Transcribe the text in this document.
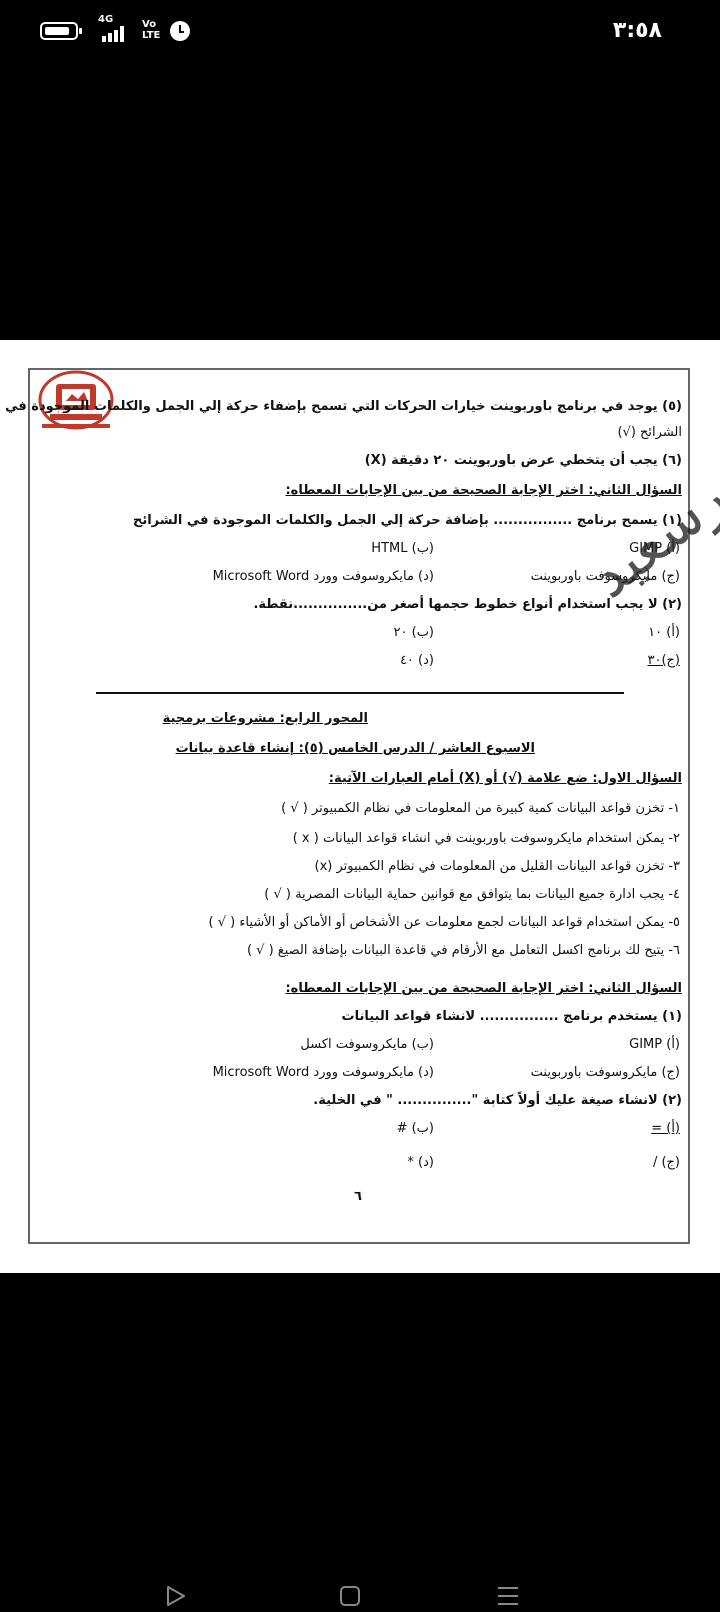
4G	Vo LTE	٣:٥٨
(٥) يوجد في برنامج باوربوينت خيارات الحركات التي تسمح بإضفاء حركة إلي الجمل والكلمات الموجودة في
الشرائح (√)
(٦) يجب أن يتخطي عرض باوربوينت ٢٠ دقيقة (X)
السؤال الثاني: اختر الإجابة الصحيحة من بين الإجابات المعطاه:
(١) يسمح برنامج ................ بإضافة حركة إلي الجمل والكلمات الموجودة في الشرائح
(أ) GIMP
(ب) HTML
(ج) مايكروسوفت باوربوينت
(د) مايكروسوفت وورد Microsoft Word
(٢) لا يجب استخدام أنواع خطوط حجمها أصغر من...............نقطة.
(أ) ١٠
(ب) ٢٠
(ج)٣٠
(د) ٤٠
المحور الرابع: مشروعات برمجية
الاسبوع العاشر / الدرس الخامس (٥): إنشاء قاعدة بيانات
السؤال الاول: ضع علامة (√) أو (X) أمام العبارات الآتية:
١- تخزن قواعد البيانات كمية كبيرة من المعلومات في نظام الكمبيوتر ( √ )
٢- يمكن استخدام مايكروسوفت باوربوينت في انشاء قواعد البيانات ( x )
٣- تخزن قواعد البيانات القليل من المعلومات في نظام الكمبيوتر (x)
٤- يجب ادارة جميع البيانات بما يتوافق مع قوانين حماية البيانات المصرية ( √ )
٥- يمكن استخدام قواعد البيانات لجمع معلومات عن الأشخاص أو الأماكن أو الأشياء ( √ )
٦- يتيح لك برنامج اكسل التعامل مع الأرقام في قاعدة البيانات بإضافة الصيغ ( √ )
السؤال الثاني: اختر الإجابة الصحيحة من بين الإجابات المعطاه:
(١) يستخدم برنامج ................ لانشاء قواعد البيانات
(أ) GIMP
(ب) مايكروسوفت اكسل
(ج) مايكروسوفت باوربوينت
(د) مايكروسوفت وورد Microsoft Word
(٢) لانشاء صيغة عليك أولاً كتابة "............... " في الخلية.
(أ) =
(ب) #
(ج) /
(د) *
٦
